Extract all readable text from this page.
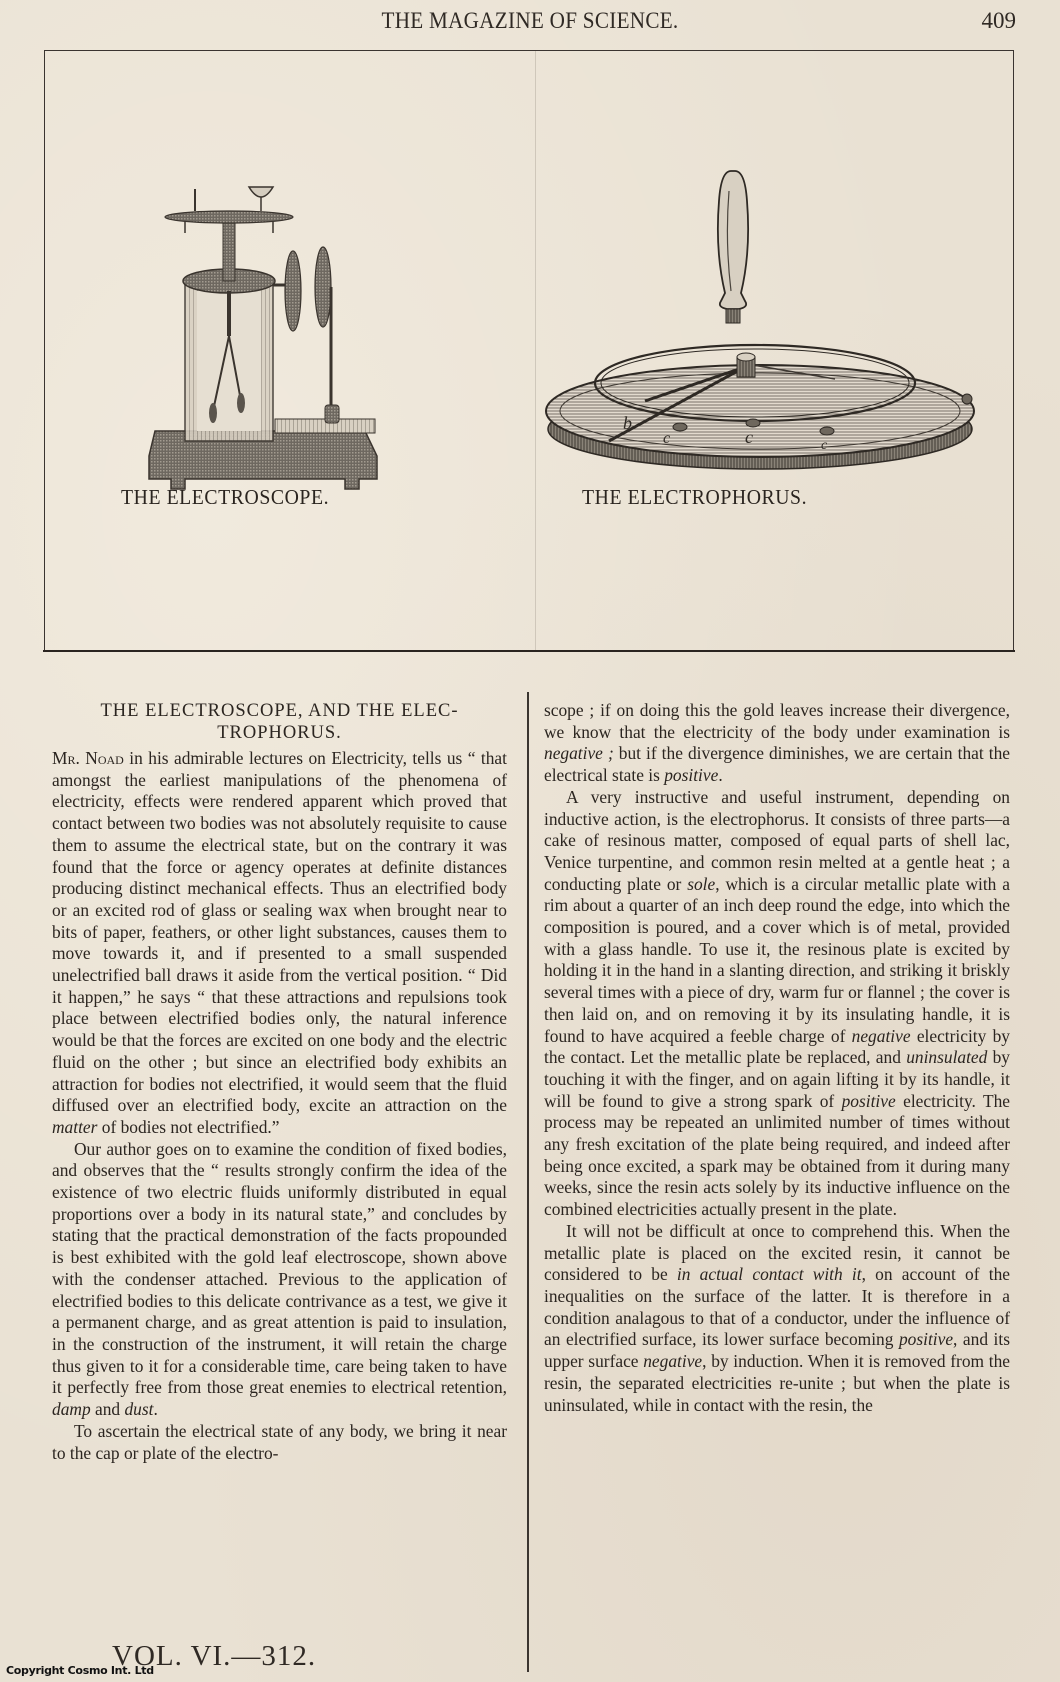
THE MAGAZINE OF SCIENCE.	409
THE ELECTROSCOPE.
b
c	c	c
THE ELECTROPHORUS.
THE ELECTROSCOPE, AND THE ELEC-
TROPHORUS.

Mr. Noad in his admirable lectures on Electricity, tells us “ that amongst the earliest manipulations of the phenomena of electricity, effects were rendered apparent which proved that contact between two bodies was not absolutely requisite to cause them to assume the electrical state, but on the contrary it was found that the force or agency operates at definite distances producing distinct mechanical effects. Thus an electrified body or an excited rod of glass or sealing wax when brought near to bits of paper, feathers, or other light substances, causes them to move towards it, and if presented to a small suspended unelectrified ball draws it aside from the vertical position. “ Did it happen,” he says “ that these attractions and repulsions took place between electrified bodies only, the natural inference would be that the forces are excited on one body and the electric fluid on the other ; but since an electrified body exhibits an attraction for bodies not electrified, it would seem that the fluid diffused over an electrified body, excite an attraction on the matter of bodies not electrified.”

Our author goes on to examine the condition of fixed bodies, and observes that the “ results strongly confirm the idea of the existence of two electric fluids uniformly distributed in equal proportions over a body in its natural state,” and concludes by stating that the practical demonstration of the facts propounded is best exhibited with the gold leaf electroscope, shown above with the condenser attached. Previous to the application of electrified bodies to this delicate contrivance as a test, we give it a permanent charge, and as great attention is paid to insulation, in the construction of the instrument, it will retain the charge thus given to it for a considerable time, care being taken to have it perfectly free from those great enemies to electrical retention, damp and dust.

To ascertain the electrical state of any body, we bring it near to the cap or plate of the electro-

scope ; if on doing this the gold leaves increase their divergence, we know that the electricity of the body under examination is negative ; but if the divergence diminishes, we are certain that the electrical state is positive.

A very instructive and useful instrument, depending on inductive action, is the electrophorus. It consists of three parts—a cake of resinous matter, composed of equal parts of shell lac, Venice turpentine, and common resin melted at a gentle heat ; a conducting plate or sole, which is a circular metallic plate with a rim about a quarter of an inch deep round the edge, into which the composition is poured, and a cover which is of metal, provided with a glass handle. To use it, the resinous plate is excited by holding it in the hand in a slanting direction, and striking it briskly several times with a piece of dry, warm fur or flannel ; the cover is then laid on, and on removing it by its insulating handle, it is found to have acquired a feeble charge of negative electricity by the contact. Let the metallic plate be replaced, and uninsulated by touching it with the finger, and on again lifting it by its handle, it will be found to give a strong spark of positive electricity. The process may be repeated an unlimited number of times without any fresh excitation of the plate being required, and indeed after being once excited, a spark may be obtained from it during many weeks, since the resin acts solely by its inductive influence on the combined electricities actually present in the plate.

It will not be difficult at once to comprehend this. When the metallic plate is placed on the excited resin, it cannot be considered to be in actual contact with it, on account of the inequalities on the surface of the latter. It is therefore in a condition analagous to that of a conductor, under the influence of an electrified surface, its lower surface becoming positive, and its upper surface negative, by induction. When it is removed from the resin, the separated electricities re-unite ; but when the plate is uninsulated, while in contact with the resin, the

VOL. VI.—312.
Copyright Cosmo Int. Ltd
